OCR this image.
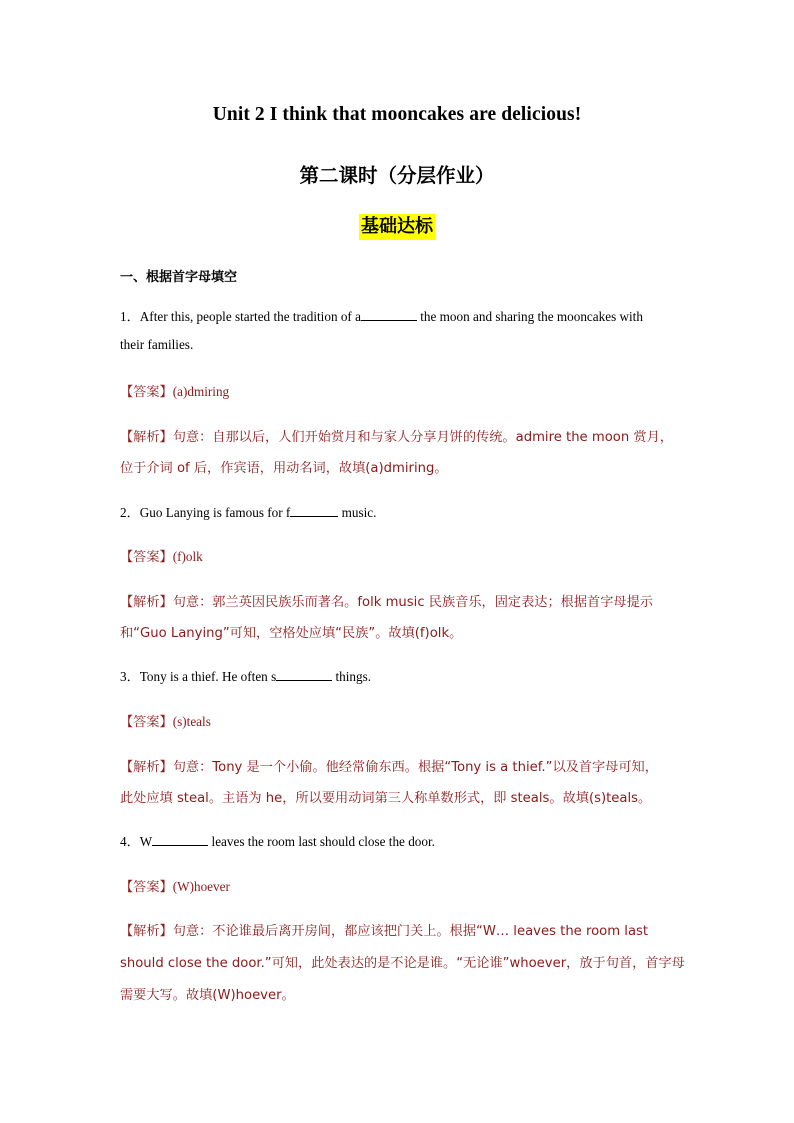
Unit 2 I think that mooncakes are delicious!
第二课时（分层作业）
基础达标
一、根据首字母填空
1．After this, people started the tradition of a	the moon and sharing the mooncakes with
their families.
【答案】(a)dmiring
【解析】句意：自那以后，人们开始赏月和与家人分享月饼的传统。admire the moon 赏月，
位于介词 of 后，作宾语，用动名词，故填(a)dmiring。
2．Guo Lanying is famous for f	music.
【答案】(f)olk
【解析】句意：郭兰英因民族乐而著名。folk music 民族音乐，固定表达；根据首字母提示
和“Guo Lanying”可知，空格处应填“民族”。故填(f)olk。
3．Tony is a thief. He often s	things.
【答案】(s)teals
【解析】句意：Tony 是一个小偷。他经常偷东西。根据“Tony is a thief.”以及首字母可知，
此处应填 steal。主语为 he，所以要用动词第三人称单数形式，即 steals。故填(s)teals。
4．W	leaves the room last should close the door.
【答案】(W)hoever
【解析】句意：不论谁最后离开房间，都应该把门关上。根据“W… leaves the room last
should close the door.”可知，此处表达的是不论是谁。“无论谁”whoever，放于句首，首字母
需要大写。故填(W)hoever。
